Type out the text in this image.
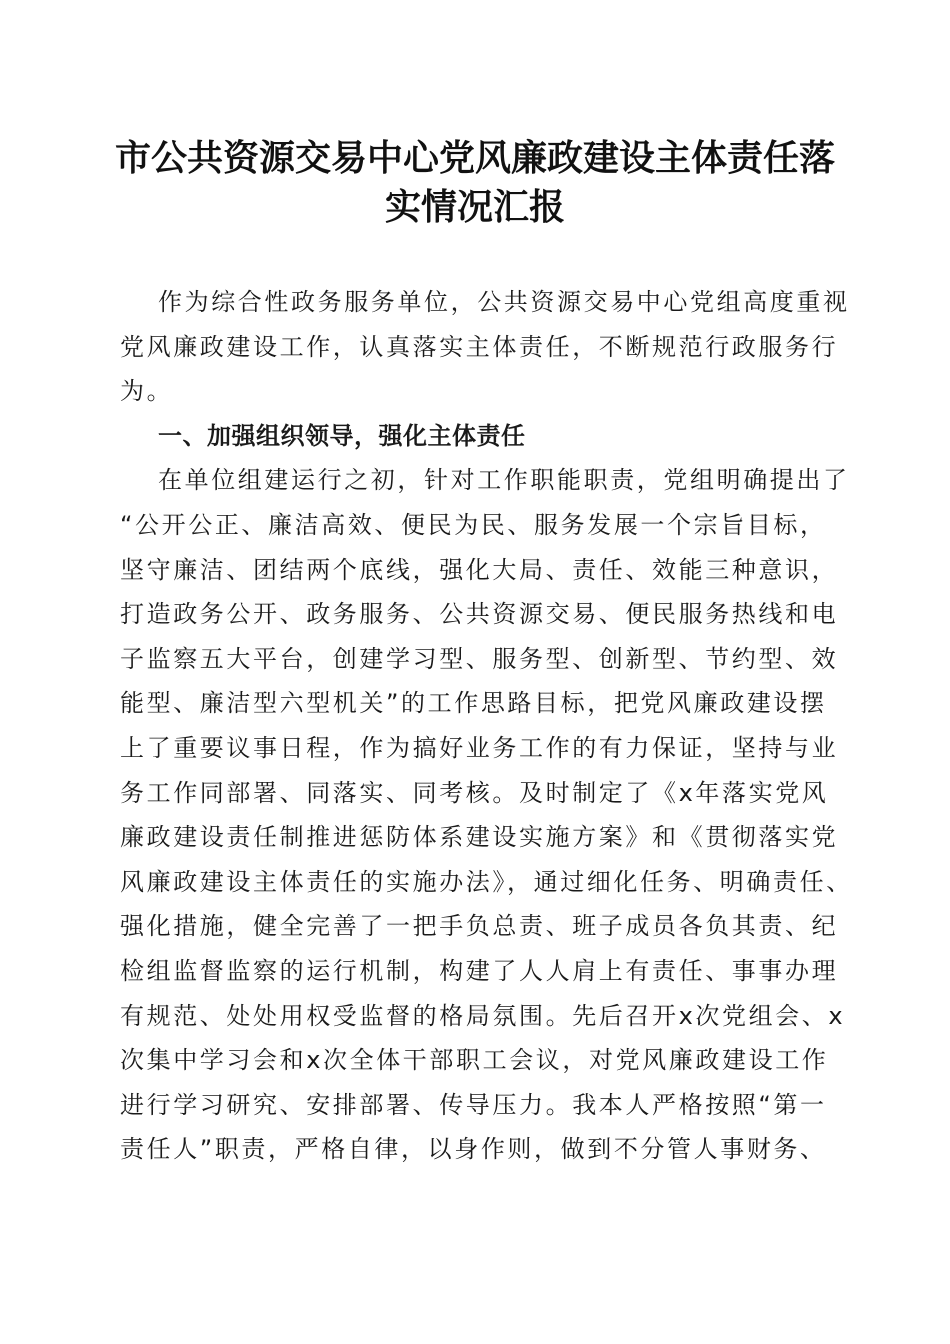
市公共资源交易中心党风廉政建设主体责任落
实情况汇报

作为综合性政务服务单位，公共资源交易中心党组高度重视
党风廉政建设工作，认真落实主体责任，不断规范行政服务行
为。

一、加强组织领导，强化主体责任

在单位组建运行之初，针对工作职能职责，党组明确提出了
“公开公正、廉洁高效、便民为民、服务发展一个宗旨目标，
坚守廉洁、团结两个底线，强化大局、责任、效能三种意识，
打造政务公开、政务服务、公共资源交易、便民服务热线和电
子监察五大平台，创建学习型、服务型、创新型、节约型、效
能型、廉洁型六型机关”的工作思路目标，把党风廉政建设摆
上了重要议事日程，作为搞好业务工作的有力保证，坚持与业
务工作同部署、同落实、同考核。及时制定了《x年落实党风
廉政建设责任制推进惩防体系建设实施方案》和《贯彻落实党
风廉政建设主体责任的实施办法》，通过细化任务、明确责任、
强化措施，健全完善了一把手负总责、班子成员各负其责、纪
检组监督监察的运行机制，构建了人人肩上有责任、事事办理
有规范、处处用权受监督的格局氛围。先后召开x次党组会、x
次集中学习会和x次全体干部职工会议，对党风廉政建设工作
进行学习研究、安排部署、传导压力。我本人严格按照“第一
责任人”职责，严格自律，以身作则，做到不分管人事财务、
